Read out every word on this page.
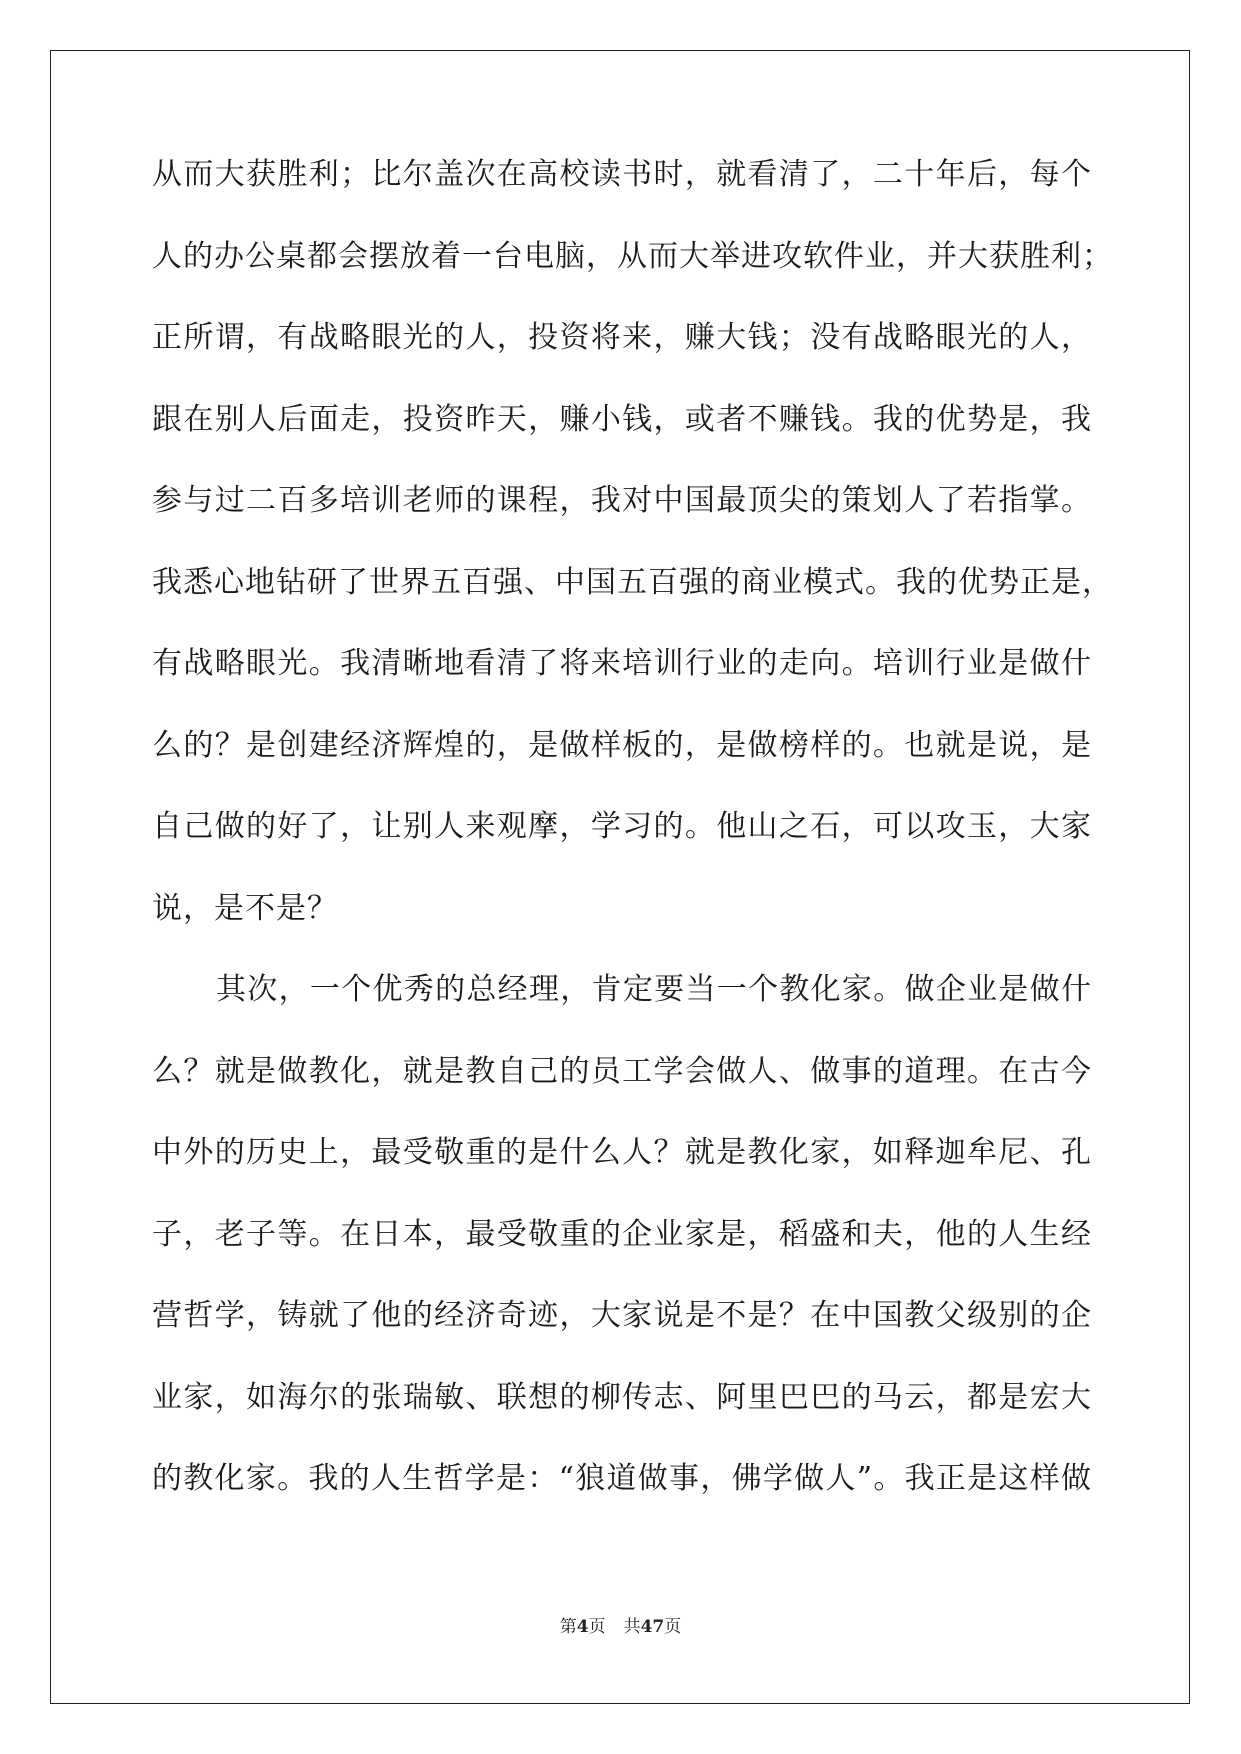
从而大获胜利；比尔盖次在高校读书时，就看清了，二十年后，每个
人的办公桌都会摆放着一台电脑，从而大举进攻软件业，并大获胜利；
正所谓，有战略眼光的人，投资将来，赚大钱；没有战略眼光的人，
跟在别人后面走，投资昨天，赚小钱，或者不赚钱。我的优势是，我
参与过二百多培训老师的课程，我对中国最顶尖的策划人了若指掌。
我悉心地钻研了世界五百强、中国五百强的商业模式。我的优势正是，
有战略眼光。我清晰地看清了将来培训行业的走向。培训行业是做什
么的？是创建经济辉煌的，是做样板的，是做榜样的。也就是说，是
自己做的好了，让别人来观摩，学习的。他山之石，可以攻玉，大家
说，是不是？
其次，一个优秀的总经理，肯定要当一个教化家。做企业是做什
么？就是做教化，就是教自己的员工学会做人、做事的道理。在古今
中外的历史上，最受敬重的是什么人？就是教化家，如释迦牟尼、孔
子，老子等。在日本，最受敬重的企业家是，稻盛和夫，他的人生经
营哲学，铸就了他的经济奇迹，大家说是不是？在中国教父级别的企
业家，如海尔的张瑞敏、联想的柳传志、阿里巴巴的马云，都是宏大
的教化家。我的人生哲学是：“狼道做事，佛学做人”。我正是这样做
第4页 共47页
